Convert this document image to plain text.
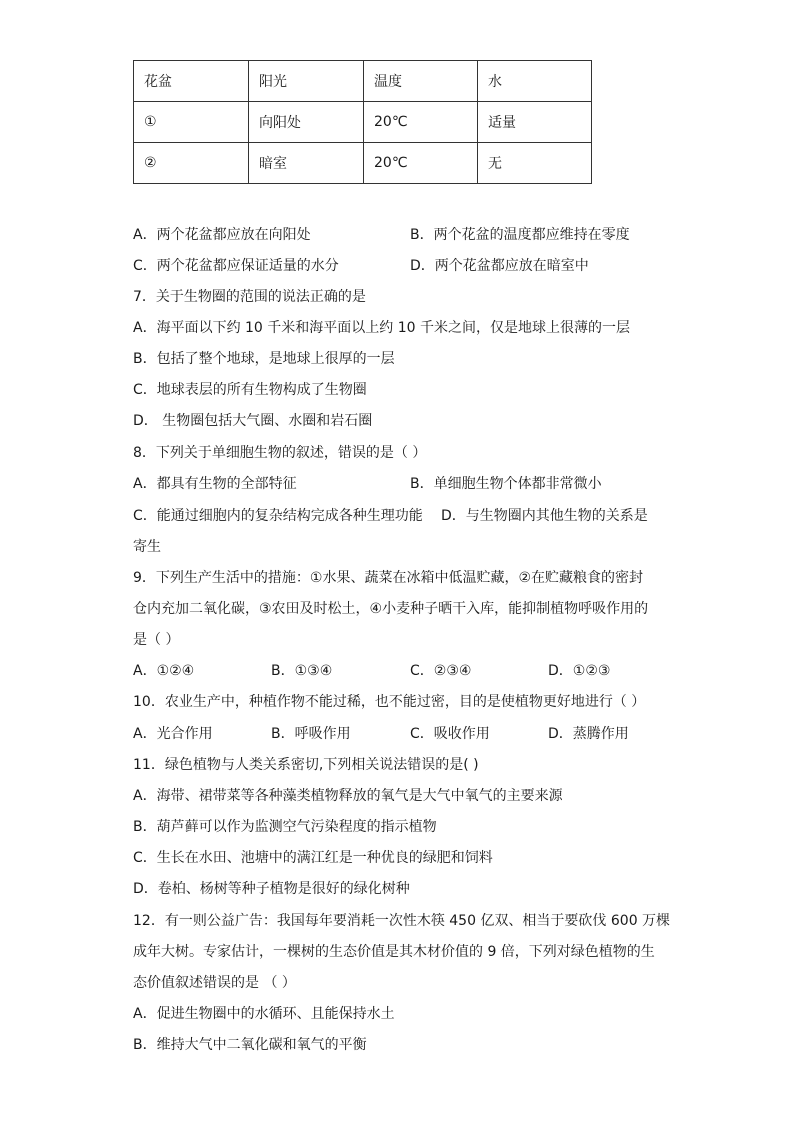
花盆	阳光	温度	水
①	向阳处	20℃	适量
②	暗室	20℃	无
A．两个花盆都应放在向阳处	B．两个花盆的温度都应维持在零度
C．两个花盆都应保证适量的水分	D．两个花盆都应放在暗室中
7．关于生物圈的范围的说法正确的是
A．海平面以下约 10 千米和海平面以上约 10 千米之间，仅是地球上很薄的一层
B．包括了整个地球，是地球上很厚的一层
C．地球表层的所有生物构成了生物圈
D． 生物圈包括大气圈、水圈和岩石圈
8．下列关于单细胞生物的叙述，错误的是（ ）
A．都具有生物的全部特征	B．单细胞生物个体都非常微小
C．能通过细胞内的复杂结构完成各种生理功能 D．与生物圈内其他生物的关系是
寄生
9．下列生产生活中的措施：①水果、蔬菜在冰箱中低温贮藏，②在贮藏粮食的密封
仓内充加二氧化碳，③农田及时松土，④小麦种子晒干入库，能抑制植物呼吸作用的
是（ ）
A．①②④	B．①③④	C．②③④	D．①②③
10．农业生产中，种植作物不能过稀，也不能过密，目的是使植物更好地进行（ ）
A．光合作用	B．呼吸作用	C．吸收作用	D．蒸腾作用
11．绿色植物与人类关系密切,下列相关说法错误的是( )
A．海带、裙带菜等各种藻类植物释放的氧气是大气中氧气的主要来源
B．葫芦藓可以作为监测空气污染程度的指示植物
C．生长在水田、池塘中的满江红是一种优良的绿肥和饲料
D．卷柏、杨树等种子植物是很好的绿化树种
12．有一则公益广告：我国每年要消耗一次性木筷 450 亿双、相当于要砍伐 600 万棵
成年大树。专家估计，一棵树的生态价值是其木材价值的 9 倍，下列对绿色植物的生
态价值叙述错误的是 （ ）
A．促进生物圈中的水循环、且能保持水土
B．维持大气中二氧化碳和氧气的平衡
